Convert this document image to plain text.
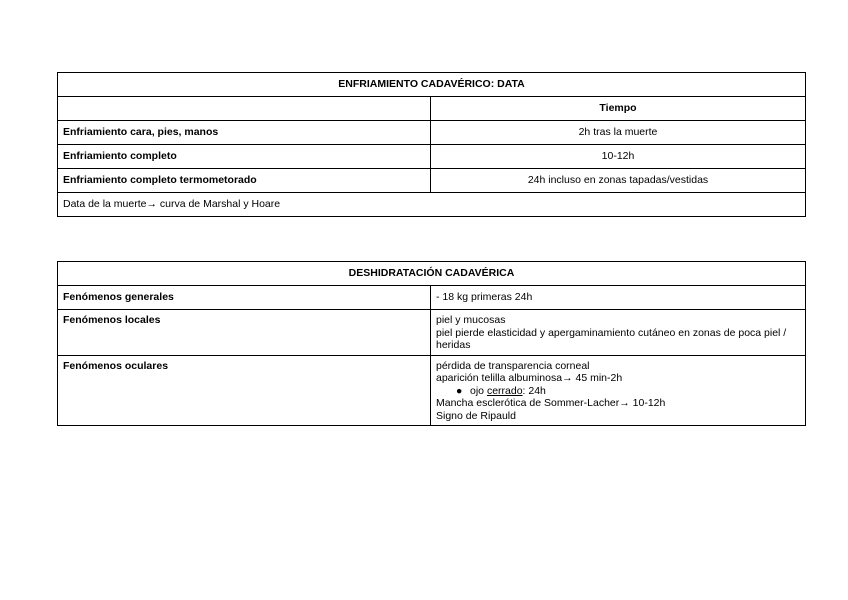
ENFRIAMIENTO CADAVÉRICO: DATA	
	Tiempo
Enfriamiento cara, pies, manos	2h tras la muerte
Enfriamiento completo	10-12h
Enfriamiento completo termometorado	24h incluso en zonas tapadas/vestidas
Data de la muerte→ curva de Marshal y Hoare	
DESHIDRATACIÓN CADAVÉRICA	
Fenómenos generales	- 18 kg primeras 24h
Fenómenos locales	piel y mucosas
piel pierde elasticidad y apergaminamiento cutáneo en zonas de poca piel / heridas

Fenómenos oculares	pérdida de transparencia corneal
aparición telilla albuminosa→ 45 min-2h
● ojo cerrado: 24h
Mancha esclerótica de Sommer-Lacher→ 10-12h
Signo de Ripauld
